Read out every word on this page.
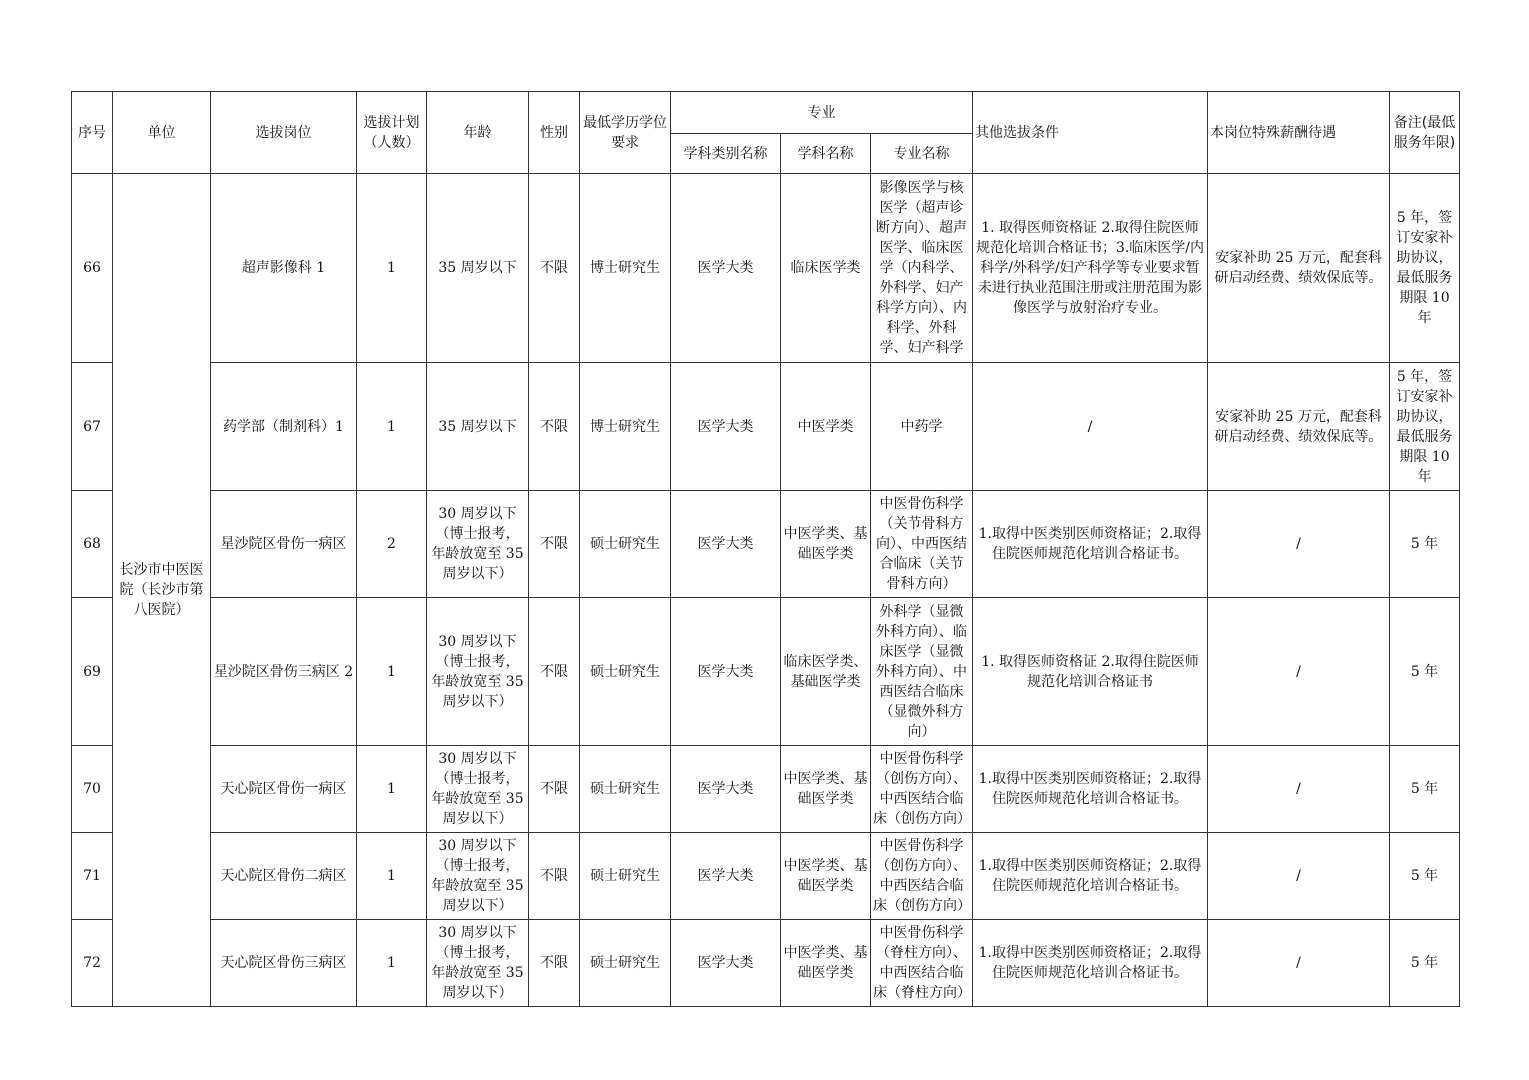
序号	单位	选拔岗位	选拔计划（人数）	年龄	性别	最低学历学位要求	专业			其他选拔条件	本岗位特殊薪酬待遇	备注(最低服务年限)
							学科类别名称	学科名称	专业名称			
66	长沙市中医医院（长沙市第八医院）	超声影像科 1	1	35 周岁以下	不限	博士研究生	医学大类	临床医学类	影像医学与核医学（超声诊断方向）、超声医学、临床医学（内科学、外科学、妇产科学方向）、内科学、外科学、妇产科学	1. 取得医师资格证 2.取得住院医师规范化培训合格证书；3.临床医学/内科学/外科学/妇产科学等专业要求暂未进行执业范围注册或注册范围为影像医学与放射治疗专业。	安家补助 25 万元，配套科研启动经费、绩效保底等。	5 年，签订安家补助协议，最低服务期限 10 年
67		药学部（制剂科）1	1	35 周岁以下	不限	博士研究生	医学大类	中医学类	中药学	/	安家补助 25 万元，配套科研启动经费、绩效保底等。	5 年，签订安家补助协议，最低服务期限 10 年
68		星沙院区骨伤一病区	2	30 周岁以下（博士报考，年龄放宽至 35 周岁以下）	不限	硕士研究生	医学大类	中医学类、基础医学类	中医骨伤科学（关节骨科方向）、中西医结合临床（关节骨科方向）	1.取得中医类别医师资格证；2.取得住院医师规范化培训合格证书。	/	5 年
69		星沙院区骨伤三病区 2	1	30 周岁以下（博士报考，年龄放宽至 35 周岁以下）	不限	硕士研究生	医学大类	临床医学类、基础医学类	外科学（显微外科方向）、临床医学（显微外科方向）、中西医结合临床（显微外科方向）	1. 取得医师资格证 2.取得住院医师规范化培训合格证书	/	5 年
70		天心院区骨伤一病区	1	30 周岁以下（博士报考，年龄放宽至 35 周岁以下）	不限	硕士研究生	医学大类	中医学类、基础医学类	中医骨伤科学（创伤方向）、中西医结合临床（创伤方向）	1.取得中医类别医师资格证；2.取得住院医师规范化培训合格证书。	/	5 年
71		天心院区骨伤二病区	1	30 周岁以下（博士报考，年龄放宽至 35 周岁以下）	不限	硕士研究生	医学大类	中医学类、基础医学类	中医骨伤科学（创伤方向）、中西医结合临床（创伤方向）	1.取得中医类别医师资格证；2.取得住院医师规范化培训合格证书。	/	5 年
72		天心院区骨伤三病区	1	30 周岁以下（博士报考，年龄放宽至 35 周岁以下）	不限	硕士研究生	医学大类	中医学类、基础医学类	中医骨伤科学（脊柱方向）、中西医结合临床（脊柱方向）	1.取得中医类别医师资格证；2.取得住院医师规范化培训合格证书。	/	5 年
